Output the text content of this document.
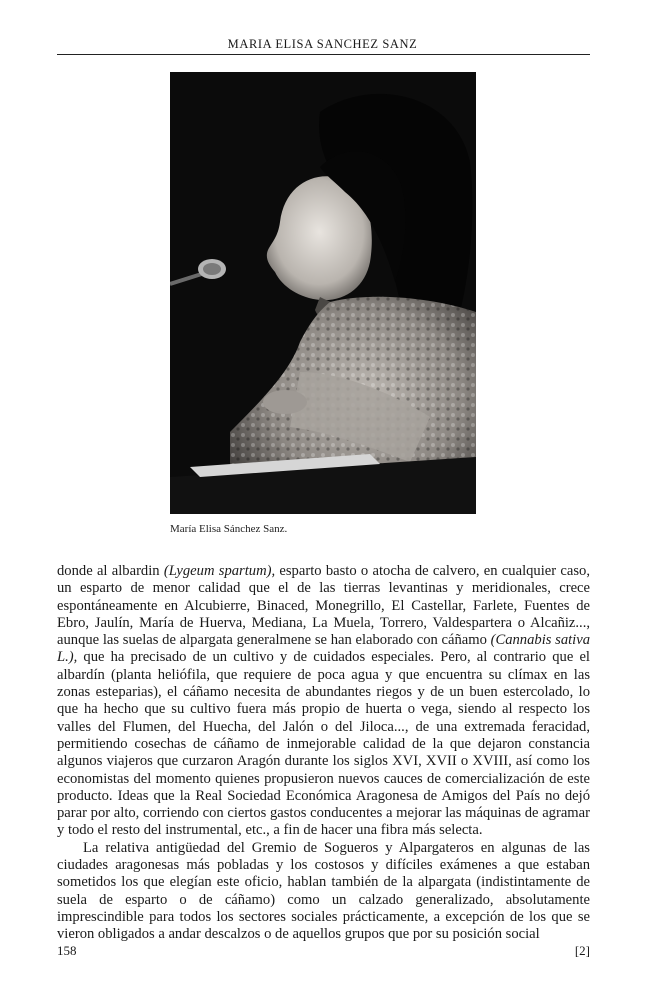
MARIA ELISA SANCHEZ SANZ
María Elisa Sánchez Sanz.

donde al albardin (Lygeum spartum), esparto basto o atocha de calvero, en cualquier caso, un esparto de menor calidad que el de las tierras levantinas y meridionales, crece espontáneamente en Alcubierre, Binaced, Monegrillo, El Castellar, Farlete, Fuentes de Ebro, Jaulín, María de Huerva, Mediana, La Muela, Torrero, Valdespartera o Alcañiz..., aunque las suelas de alpargata generalmene se han elaborado con cáñamo (Cannabis sativa L.), que ha precisado de un cultivo y de cuidados especiales. Pero, al contrario que el albardín (planta heliófila, que requiere de poca agua y que encuentra su clímax en las zonas esteparias), el cáñamo necesita de abundantes riegos y de un buen estercolado, lo que ha hecho que su cultivo fuera más propio de huerta o vega, siendo al respecto los valles del Flumen, del Huecha, del Jalón o del Jiloca..., de una extremada feracidad, permitiendo cosechas de cáñamo de inmejorable calidad de la que dejaron constancia algunos viajeros que curzaron Aragón durante los siglos XVI, XVII o XVIII, así como los economistas del momento quienes propusieron nuevos cauces de comercialización de este producto. Ideas que la Real Sociedad Económica Aragonesa de Amigos del País no dejó parar por alto, corriendo con ciertos gastos conducentes a mejorar las máquinas de agramar y todo el resto del instrumental, etc., a fin de hacer una fibra más selecta.

La relativa antigüedad del Gremio de Sogueros y Alpargateros en algunas de las ciudades aragonesas más pobladas y los costosos y difíciles exámenes a que estaban sometidos los que elegían este oficio, hablan también de la alpargata (indistintamente de suela de esparto o de cáñamo) como un calzado generalizado, absolutamente imprescindible para todos los sectores sociales prácticamente, a excepción de los que se vieron obligados a andar descalzos o de aquellos grupos que por su posición social

158	[2]
